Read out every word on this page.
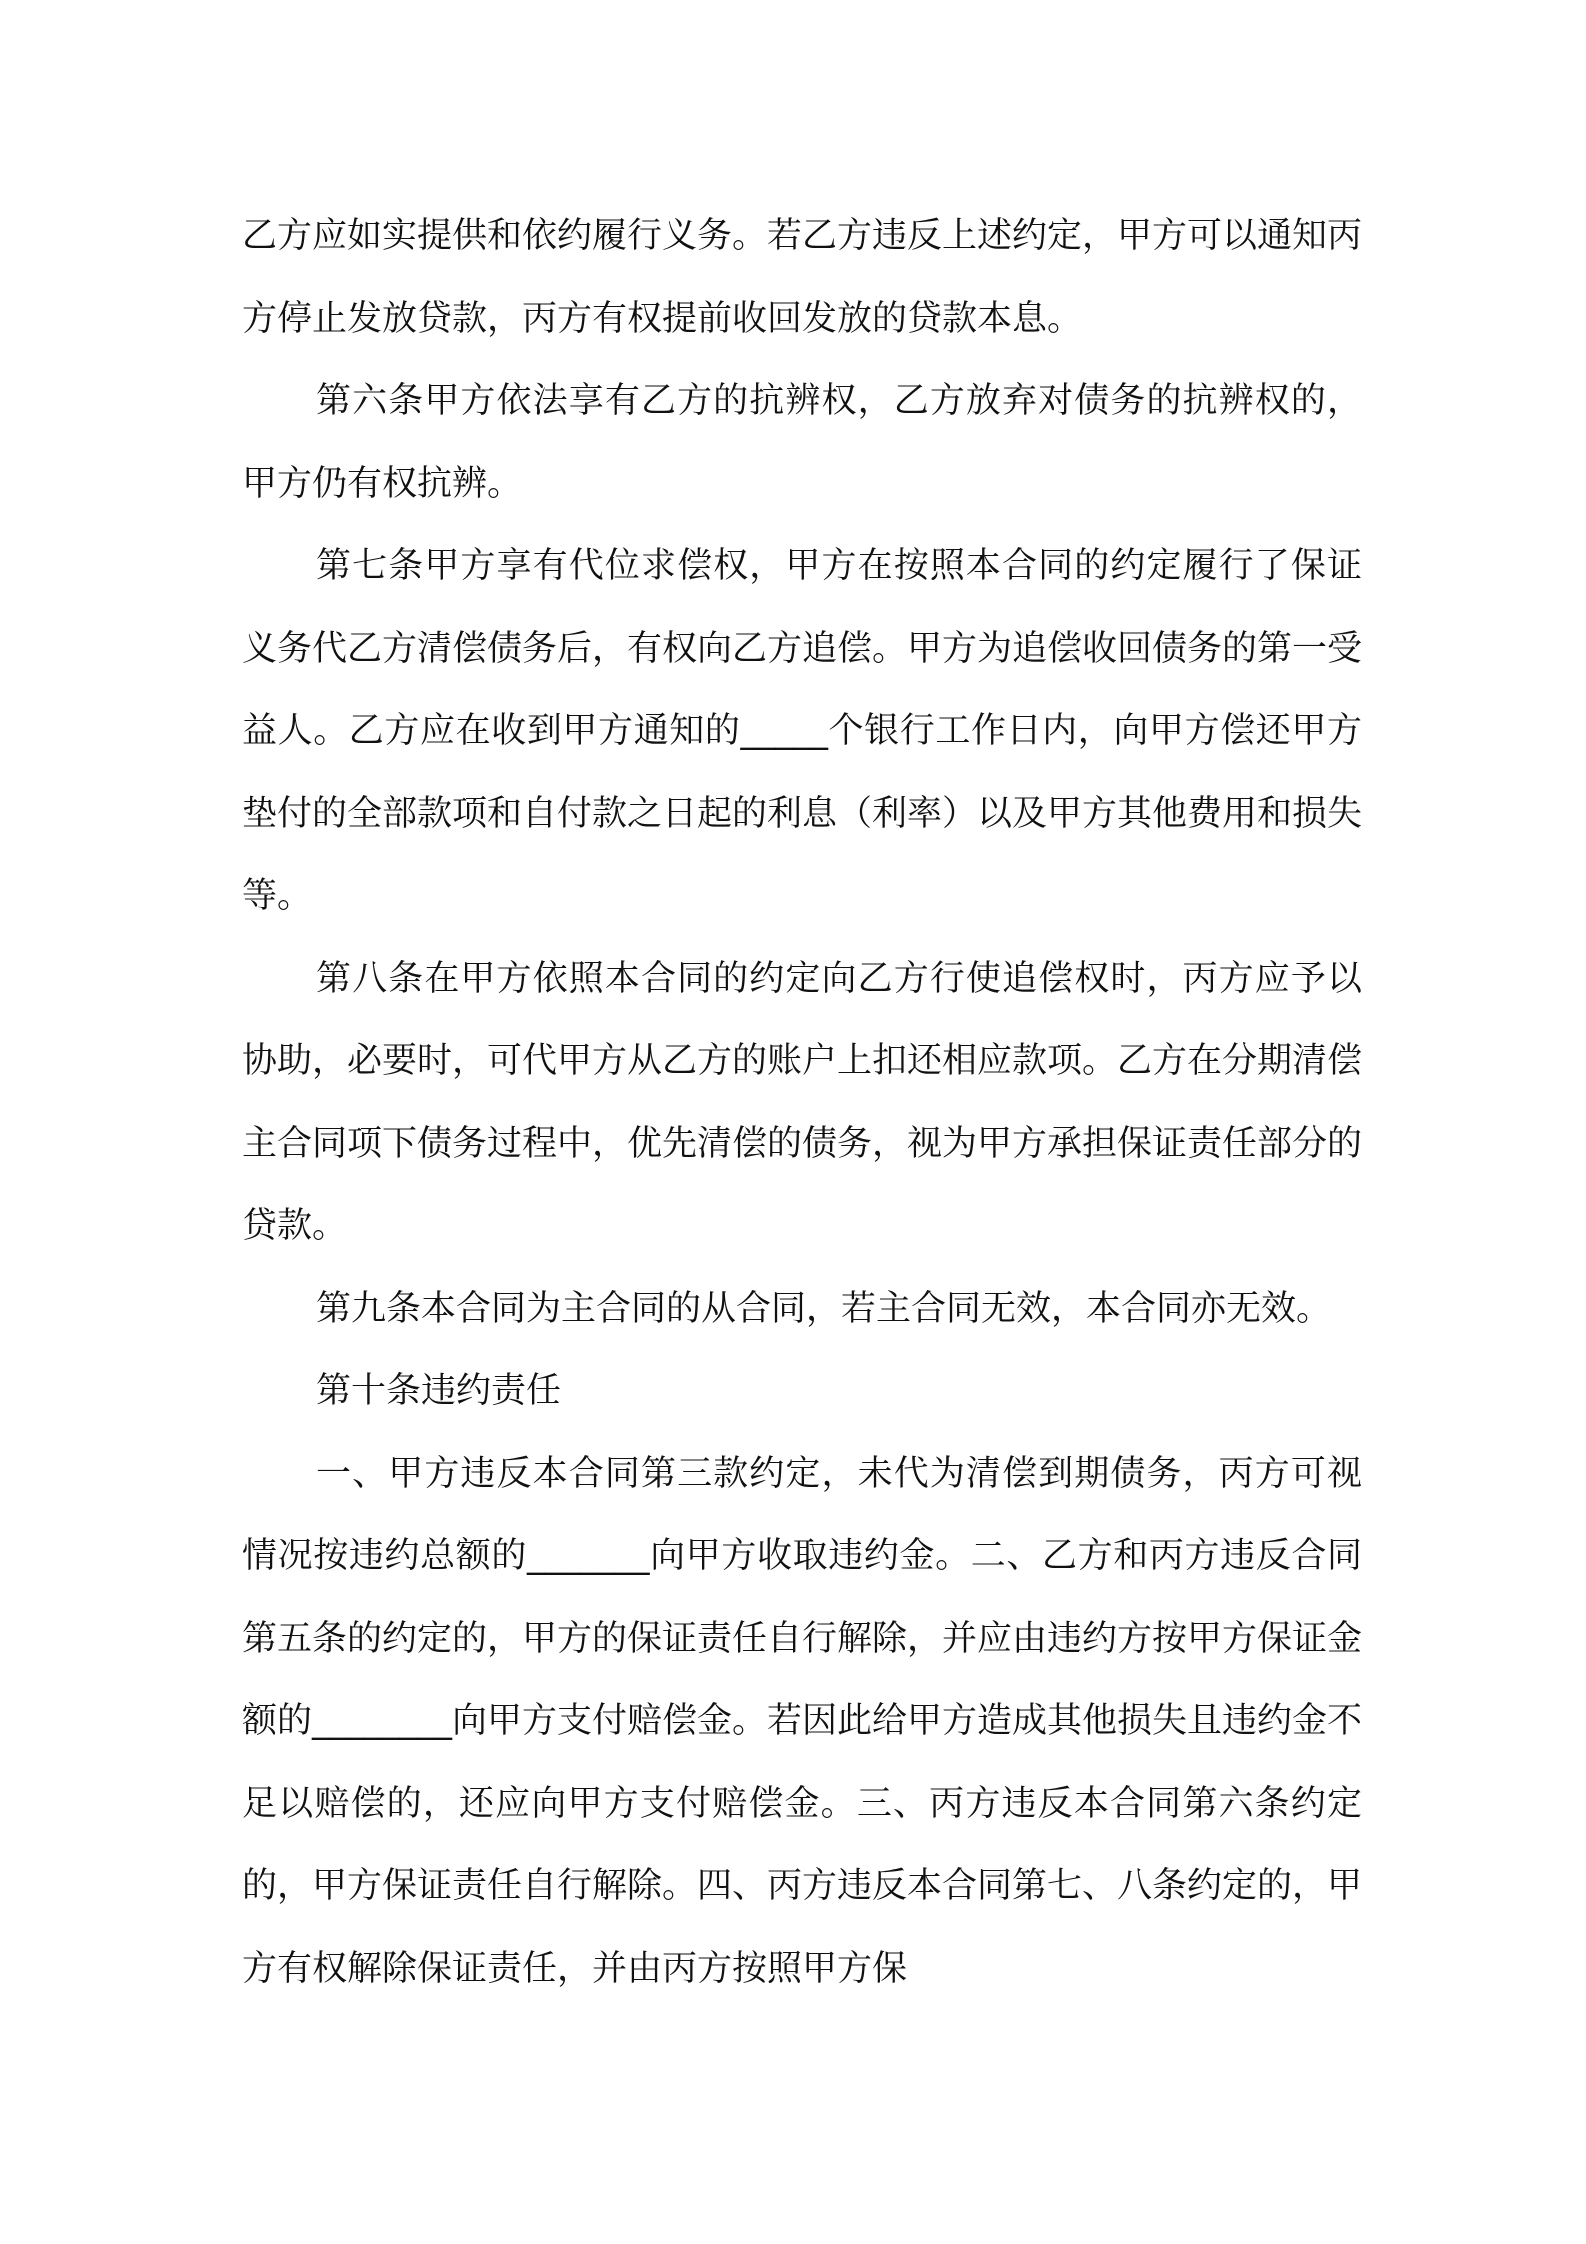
乙方应如实提供和依约履行义务。若乙方违反上述约定，甲方可以通知丙方停止发放贷款，丙方有权提前收回发放的贷款本息。

第六条甲方依法享有乙方的抗辨权，乙方放弃对债务的抗辨权的，甲方仍有权抗辨。

第七条甲方享有代位求偿权，甲方在按照本合同的约定履行了保证义务代乙方清偿债务后，有权向乙方追偿。甲方为追偿收回债务的第一受益人。乙方应在收到甲方通知的_____个银行工作日内，向甲方偿还甲方垫付的全部款项和自付款之日起的利息（利率）以及甲方其他费用和损失等。

第八条在甲方依照本合同的约定向乙方行使追偿权时，丙方应予以协助，必要时，可代甲方从乙方的账户上扣还相应款项。乙方在分期清偿主合同项下债务过程中，优先清偿的债务，视为甲方承担保证责任部分的贷款。

第九条本合同为主合同的从合同，若主合同无效，本合同亦无效。

第十条违约责任

一、甲方违反本合同第三款约定，未代为清偿到期债务，丙方可视情况按违约总额的_______向甲方收取违约金。二、乙方和丙方违反合同第五条的约定的，甲方的保证责任自行解除，并应由违约方按甲方保证金额的________向甲方支付赔偿金。若因此给甲方造成其他损失且违约金不足以赔偿的，还应向甲方支付赔偿金。三、丙方违反本合同第六条约定的，甲方保证责任自行解除。四、丙方违反本合同第七、八条约定的，甲方有权解除保证责任，并由丙方按照甲方保
